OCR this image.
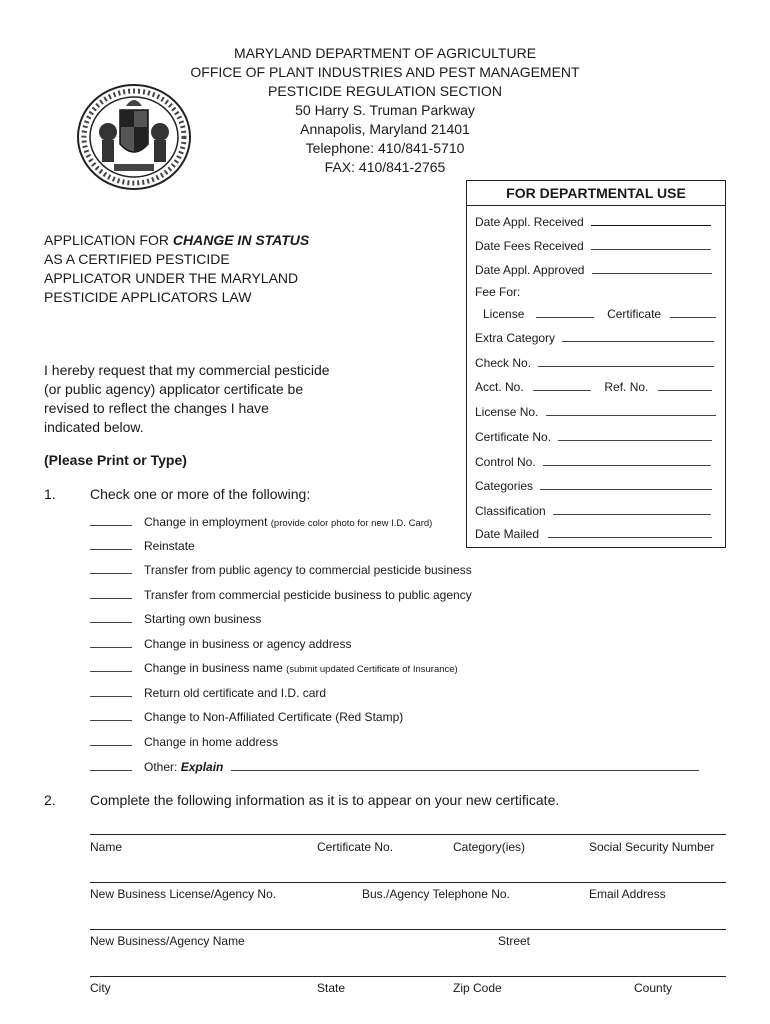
MARYLAND DEPARTMENT OF AGRICULTURE
OFFICE OF PLANT INDUSTRIES AND PEST MANAGEMENT
PESTICIDE REGULATION SECTION
50 Harry S. Truman Parkway
Annapolis, Maryland 21401
Telephone: 410/841-5710
FAX: 410/841-2765
FOR DEPARTMENTAL USE
Date Appl. Received
Date Fees Received
Date Appl. Approved
Fee For:
License	Certificate
Extra Category
Check No.
Acct. No.	Ref. No.
License No.
Certificate No.
Control No.
Categories
Classification
Date Mailed
APPLICATION FOR CHANGE IN STATUS
AS A CERTIFIED PESTICIDE
APPLICATOR UNDER THE MARYLAND
PESTICIDE APPLICATORS LAW
I hereby request that my commercial pesticide
(or public agency) applicator certificate be
revised to reflect the changes I have
indicated below.
(Please Print or Type)
1. Check one or more of the following:
Change in employment (provide color photo for new I.D. Card)
Reinstate
Transfer from public agency to commercial pesticide business
Transfer from commercial pesticide business to public agency
Starting own business
Change in business or agency address
Change in business name (submit updated Certificate of Insurance)
Return old certificate and I.D. card
Change to Non-Affiliated Certificate (Red Stamp)
Change in home address
Other: Explain
2. Complete the following information as it is to appear on your new certificate.
Name	Certificate No.	Category(ies)	Social Security Number
New Business License/Agency No.	Bus./Agency Telephone No.	Email Address
New Business/Agency Name	Street
City	State	Zip Code	County
